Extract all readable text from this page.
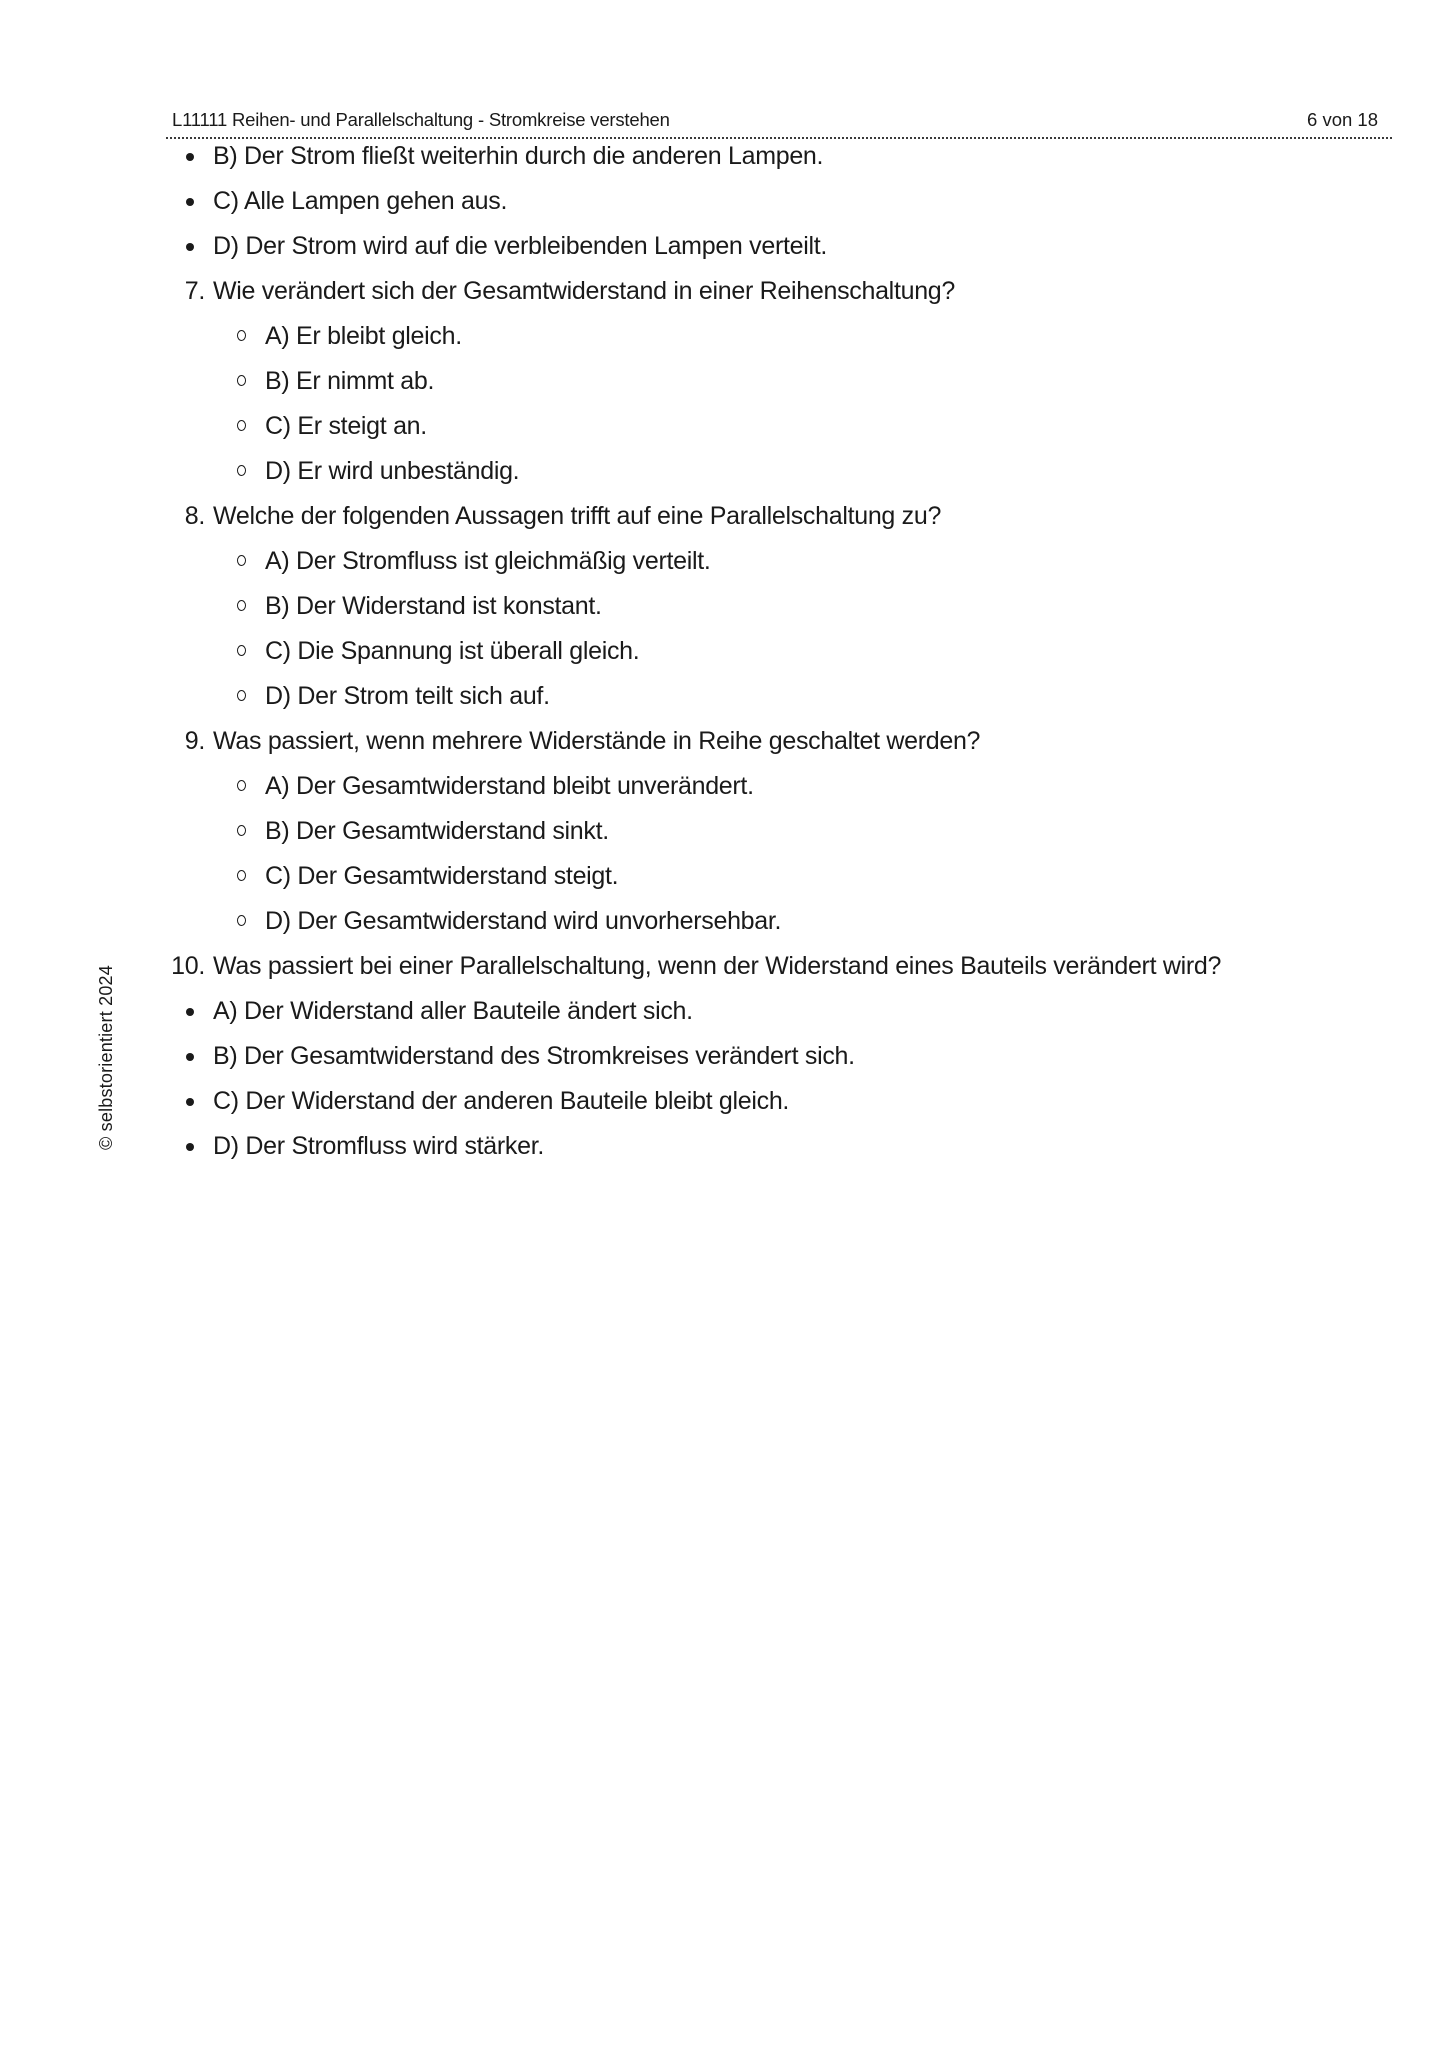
L11111 Reihen- und Parallelschaltung - Stromkreise verstehen	6 von 18
© selbstorientiert 2024
B) Der Strom fließt weiterhin durch die anderen Lampen.
C) Alle Lampen gehen aus.
D) Der Strom wird auf die verbleibenden Lampen verteilt.
7. Wie verändert sich der Gesamtwiderstand in einer Reihenschaltung?
A) Er bleibt gleich.
B) Er nimmt ab.
C) Er steigt an.
D) Er wird unbeständig.
8. Welche der folgenden Aussagen trifft auf eine Parallelschaltung zu?
A) Der Stromfluss ist gleichmäßig verteilt.
B) Der Widerstand ist konstant.
C) Die Spannung ist überall gleich.
D) Der Strom teilt sich auf.
9. Was passiert, wenn mehrere Widerstände in Reihe geschaltet werden?
A) Der Gesamtwiderstand bleibt unverändert.
B) Der Gesamtwiderstand sinkt.
C) Der Gesamtwiderstand steigt.
D) Der Gesamtwiderstand wird unvorhersehbar.
10. Was passiert bei einer Parallelschaltung, wenn der Widerstand eines Bauteils verändert wird?
A) Der Widerstand aller Bauteile ändert sich.
B) Der Gesamtwiderstand des Stromkreises verändert sich.
C) Der Widerstand der anderen Bauteile bleibt gleich.
D) Der Stromfluss wird stärker.
